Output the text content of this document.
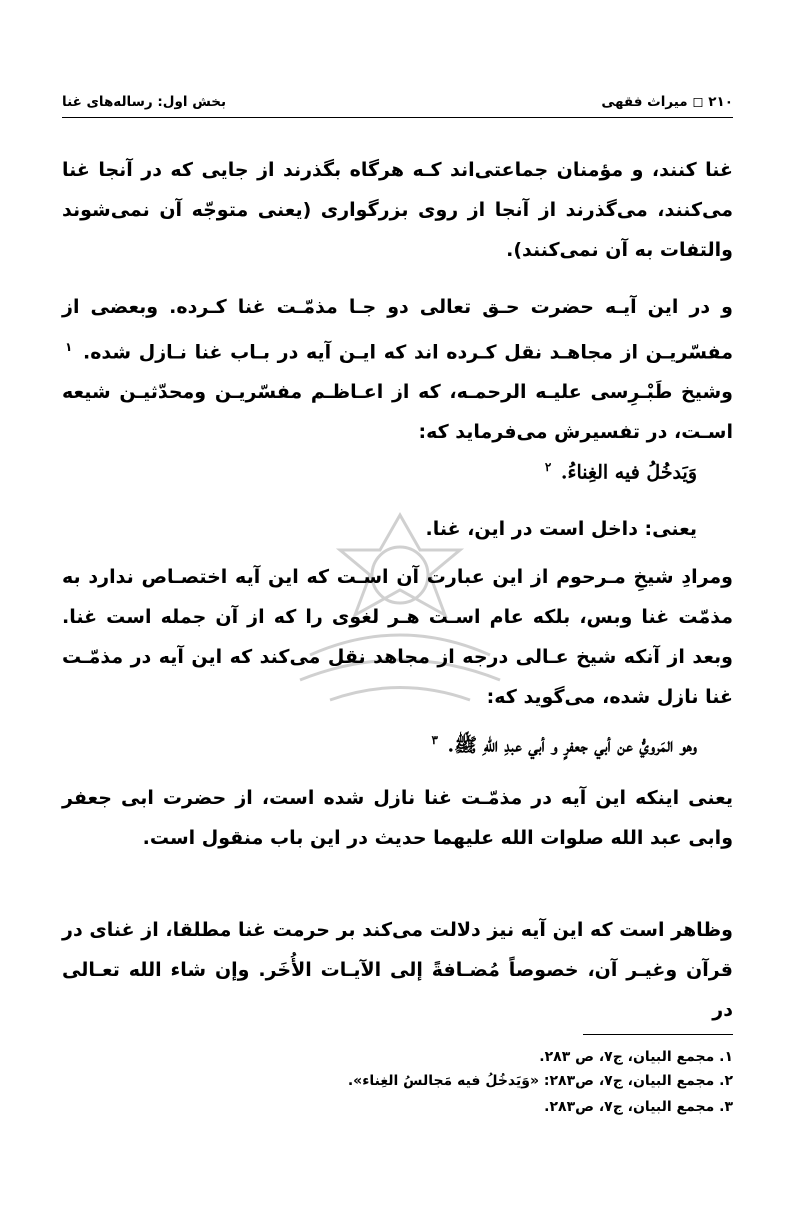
بخش اول: رساله‌های غنا	۲۱۰ ◻ میراث فقهی
غنا کنند، و مؤمنان جماعتی‌اند کـه هرگاه بگذرند از جایی که در آنجا غنا می‌کنند، می‌گذرند از آنجا از روی بزرگواری (یعنی متوجّه آن نمی‌شوند والتفات به آن نمی‌کنند).
و در این آیـه حضرت حـق تعالی دو جـا مذمّـت غنا کـرده. وبعضی از مفسّریـن از مجاهـد نقل کـرده اند که ایـن آیه در بـاب غنا نـازل شده. $^۱$ وشیخ طَبْـرِسی علیـه الرحمـه، که از اعـاظـم مفسّریـن ومحدّثیـن شیعه اسـت، در تفسیرش می‌فرماید که:
وَیَدخُلُ فیه الغِناءُ. $^۲$
یعنی: داخل است در این، غنا.
ومرادِ شیخِ مـرحوم از این عبارت آن اسـت که این آیه اختصـاص ندارد به مذمّت غنا وبس، بلکه عام اسـت هـر لغوی را که از آن جمله است غنا. وبعد از آنکه شیخ عـالی درجه از مجاهد نقل می‌کند که این آیه در مذمّـت غنا نازل شده، می‌گوید که:
وهو المَرويُّ عن أبي جعفرٍ و أبي عبدِ اللهِ ﷺ. $^۳$
یعنی اینکه این آیه در مذمّـت غنا نازل شده است، از حضرت ابی جعفر وابی عبد الله صلوات الله علیهما حدیث در این باب منقول است.
وظاهر است که این آیه نیز دلالت می‌کند بر حرمت غنا مطلقا، از غنای در قرآن وغیـر آن، خصوصاً مُضـافةً إلی الآیـات الأُخَر. وإن شاء الله تعـالی در
۱. مجمع البیان، ج۷، ص ۲۸۳.
۲. مجمع البیان، ج۷، ص۲۸۳: «وَیَدخُلُ فیه مَجالسُ الغِناء».
۳. مجمع البیان، ج۷، ص۲۸۳.
